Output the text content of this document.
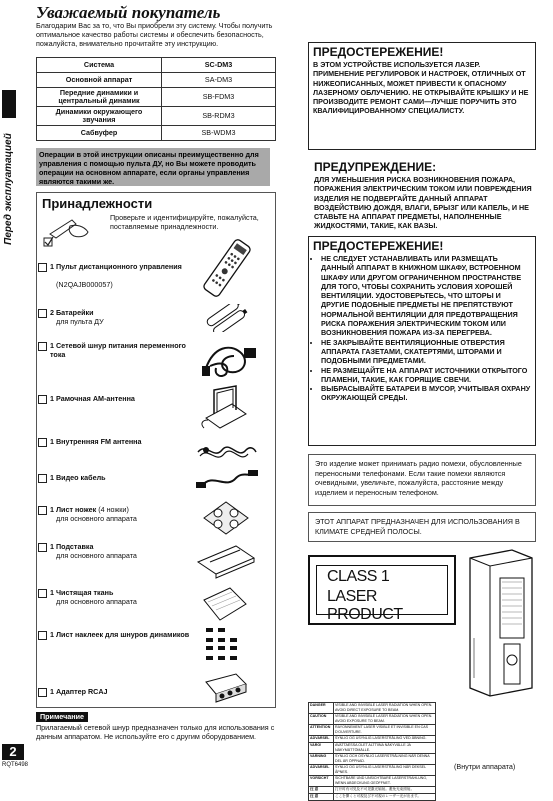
Перед эксплуатацией
Уважаемый покупатель
Благодарим Вас за то, что Вы приобрели эту систему. Чтобы получить оптимальное качество работы системы и обеспечить безопасность, пожалуйста, внимательно прочитайте эту инструкцию.
Система	SC-DM3
Основной аппарат	SA-DM3
Передние динамики и центральный динамик	SB-FDM3
Динамики окружающего звучания	SB-RDM3
Сабвуфер	SB-WDM3
Операции в этой инструкции описаны преимущественно для управления с помощью пульта ДУ, но Вы можете проводить операции на основном аппарате, если органы управления являются такими же.
Принадлежности
Проверьте и идентифицируйте, пожалуйста, поставляемые принадлежности.
1 Пульт дистанционного управления
(N2QAJB000057)
2 Батарейки
для пульта ДУ
1 Сетевой шнур питания переменного тока
1 Рамочная AM-антенна
1 Внутренняя FM антенна
1 Видео кабель
1 Лист ножек (4 ножки)
для основного аппарата
1 Подставка
для основного аппарата
1 Чистящая ткань
для основного аппарата
1 Лист наклеек для шнуров динамиков
1 Адаптер RCAJ
Примечание
Прилагаемый сетевой шнур предназначен только для использования с данным аппаратом. Не используйте его с другим оборудованием.
2
RQT6498
ПРЕДОСТЕРЕЖЕНИЕ!
В ЭТОМ УСТРОЙСТВЕ ИСПОЛЬЗУЕТСЯ ЛАЗЕР. ПРИМЕНЕНИЕ РЕГУЛИРОВОК И НАСТРОЕК, ОТЛИЧНЫХ ОТ НИЖЕОПИСАННЫХ, МОЖЕТ ПРИВЕСТИ К ОПАСНОМУ ЛАЗЕРНОМУ ОБЛУЧЕНИЮ. НЕ ОТКРЫВАЙТЕ КРЫШКУ И НЕ ПРОИЗВОДИТЕ РЕМОНТ САМИ—ЛУЧШЕ ПОРУЧИТЬ ЭТО КВАЛИФИЦИРОВАННОМУ СПЕЦИАЛИСТУ.
ПРЕДУПРЕЖДЕНИЕ:
ДЛЯ УМЕНЬШЕНИЯ РИСКА ВОЗНИКНОВЕНИЯ ПОЖАРА, ПОРАЖЕНИЯ ЭЛЕКТРИЧЕСКИМ ТОКОМ ИЛИ ПОВРЕЖДЕНИЯ ИЗДЕЛИЯ НЕ ПОДВЕРГАЙТЕ ДАННЫЙ АППАРАТ ВОЗДЕЙСТВИЮ ДОЖДЯ, ВЛАГИ, БРЫЗГ ИЛИ КАПЕЛЬ, И НЕ СТАВЬТЕ НА АППАРАТ ПРЕДМЕТЫ, НАПОЛНЕННЫЕ ЖИДКОСТЯМИ, ТАКИЕ, КАК ВАЗЫ.
ПРЕДОСТЕРЕЖЕНИЕ!
• НЕ СЛЕДУЕТ УСТАНАВЛИВАТЬ ИЛИ РАЗМЕЩАТЬ ДАННЫЙ АППАРАТ В КНИЖНОМ ШКАФУ, ВСТРОЕННОМ ШКАФУ ИЛИ ДРУГОМ ОГРАНИЧЕННОМ ПРОСТРАНСТВЕ ДЛЯ ТОГО, ЧТОБЫ СОХРАНИТЬ УСЛОВИЯ ХОРОШЕЙ ВЕНТИЛЯЦИИ. УДОСТОВЕРЬТЕСЬ, ЧТО ШТОРЫ И ДРУГИЕ ПОДОБНЫЕ ПРЕДМЕТЫ НЕ ПРЕПЯТСТВУЮТ НОРМАЛЬНОЙ ВЕНТИЛЯЦИИ ДЛЯ ПРЕДОТВРАЩЕНИЯ РИСКА ПОРАЖЕНИЯ ЭЛЕКТРИЧЕСКИМ ТОКОМ ИЛИ ВОЗНИКНОВЕНИЯ ПОЖАРА ИЗ-ЗА ПЕРЕГРЕВА.
• НЕ ЗАКРЫВАЙТЕ ВЕНТИЛЯЦИОННЫЕ ОТВЕРСТИЯ АППАРАТА ГАЗЕТАМИ, СКАТЕРТЯМИ, ШТОРАМИ И ПОДОБНЫМИ ПРЕДМЕТАМИ.
• НЕ РАЗМЕЩАЙТЕ НА АППАРАТ ИСТОЧНИКИ ОТКРЫТОГО ПЛАМЕНИ, ТАКИЕ, КАК ГОРЯЩИЕ СВЕЧИ.
• ВЫБРАСЫВАЙТЕ БАТАРЕИ В МУСОР, УЧИТЫВАЯ ОХРАНУ ОКРУЖАЮЩЕЙ СРЕДЫ.
Это изделие может принимать радио помехи, обусловленные переносными телефонами. Если такие помехи являются очевидными, увеличьте, пожалуйста, расстояние между изделием и переносным телефоном.
ЭТОТ АППАРАТ ПРЕДНАЗНАЧЕН ДЛЯ ИСПОЛЬЗОВАНИЯ В КЛИМАТЕ СРЕДНЕЙ ПОЛОСЫ.
CLASS 1
LASER PRODUCT
DANGER	VISIBLE AND INVISIBLE LASER RADIATION WHEN OPEN. AVOID DIRECT EXPOSURE TO BEAM.
CAUTION	VISIBLE AND INVISIBLE LASER RADIATION WHEN OPEN. AVOID EXPOSURE TO BEAM.
ATTENTION	RAYONNEMENT LASER VISIBLE ET INVISIBLE EN CAS D'OUVERTURE.
ADVARSEL	SYNLIG OG USYNLIG LASERSTRÅLING VED ÅBNING.
VARO!	AVATTAESSA OLET ALTTIINA NÄKYVÄLLE JA NÄKYMÄTTÖMÄLLE.
VARNING	SYNLIG OCH OSYNLIG LASERSTRÅLNING NÄR DENNA DEL ÄR ÖPPNAD.
ADVARSEL	SYNLIG OG USYNLIG LASERSTRÅLING NÅR DEKSEL ÅPNES.
VORSICHT	SICHTBARE UND UNSICHTBARE LASERSTRAHLUNG, WENN ABDECKUNG GEÖFFNET.
注 意	打开时有可见及不可见激光辐射。避免光束照射。
注 意	ここを開くと可視及び不可視のレーザー光が出ます。
(Внутри аппарата)
